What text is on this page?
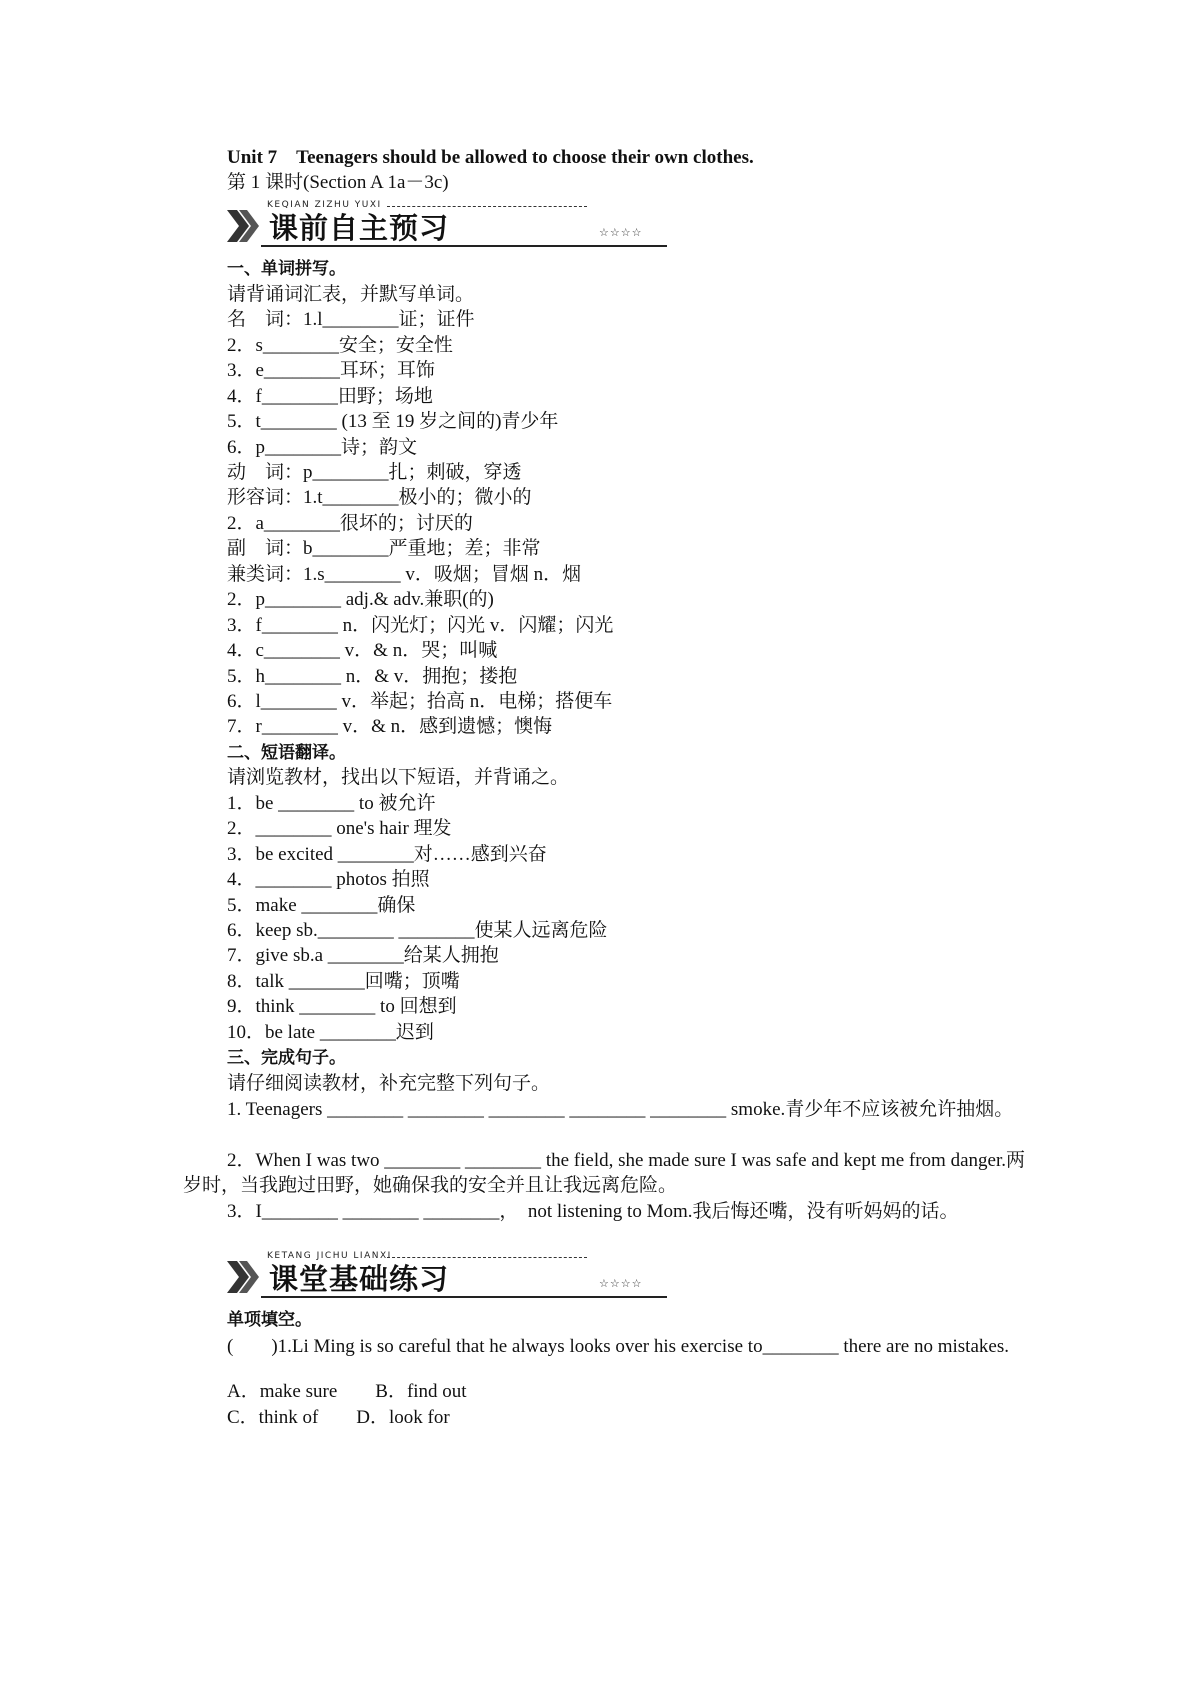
Unit 7　Teenagers should be allowed to choose their own clothes.
第 1 课时(Section A 1a－3c)
KEQIAN ZIZHU YUXI
课前自主预习	☆☆☆☆
一、单词拼写。
请背诵词汇表，并默写单词。
名　词：1.l________证；证件
2．s________安全；安全性
3．e________耳环；耳饰
4．f________田野；场地
5．t________ (13 至 19 岁之间的)青少年
6．p________诗；韵文
动　词：p________扎；刺破，穿透
形容词：1.t________极小的；微小的
2．a________很坏的；讨厌的
副　词：b________严重地；差；非常
兼类词：1.s________ v．吸烟；冒烟 n．烟
2．p________ adj.& adv.兼职(的)
3．f________ n．闪光灯；闪光 v．闪耀；闪光
4．c________ v．& n．哭；叫喊
5．h________ n．& v．拥抱；搂抱
6．l________ v．举起；抬高 n．电梯；搭便车
7．r________ v．& n．感到遗憾；懊悔
二、短语翻译。
请浏览教材，找出以下短语，并背诵之。
1．be ________ to 被允许
2．________ one's hair 理发
3．be excited ________对……感到兴奋
4．________ photos 拍照
5．make ________确保
6．keep sb.________ ________使某人远离危险
7．give sb.a ________给某人拥抱
8．talk ________回嘴；顶嘴
9．think ________ to 回想到
10．be late ________迟到
三、完成句子。
请仔细阅读教材，补充完整下列句子。
1. Teenagers ________ ________ ________ ________ ________ smoke.青少年不应该被允许抽烟。
2．When I was two ________ ________ the field, she made sure I was safe and kept me from danger.两岁时，当我跑过田野，她确保我的安全并且让我远离危险。
3．I________ ________ ________，　not listening to Mom.我后悔还嘴，没有听妈妈的话。
KETANG JICHU LIANXI
课堂基础练习	☆☆☆☆
单项填空。
(　　)1.Li Ming is so careful that he always looks over his exercise to________ there are no mistakes.
A．make sure　　B．find out
C．think of　　D．look for
